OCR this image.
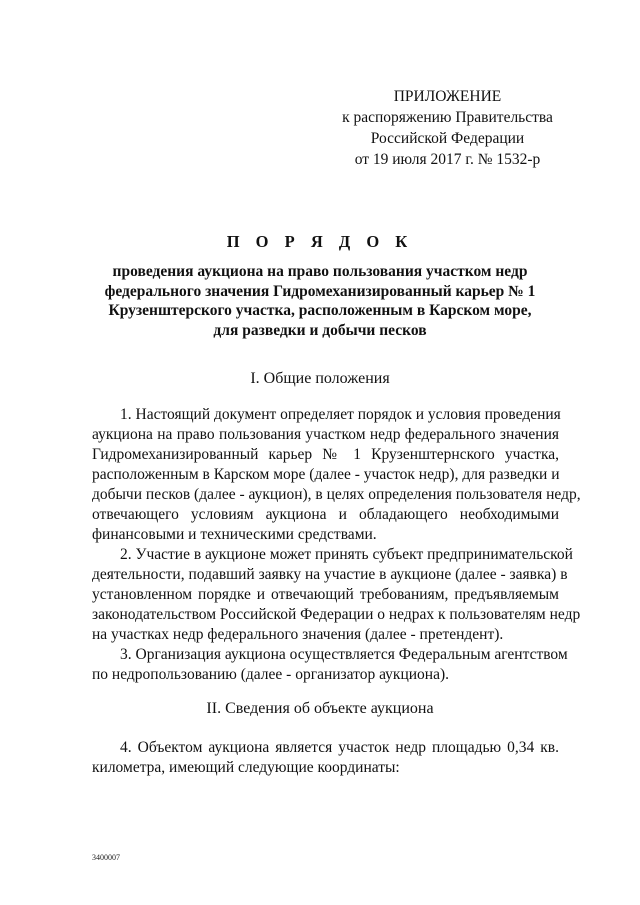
ПРИЛОЖЕНИЕ
к распоряжению Правительства
Российской Федерации
от 19 июля 2017 г. № 1532-р
П О Р Я Д О К
проведения аукциона на право пользования участком недр
федерального значения Гидромеханизированный карьер № 1
Крузенштерского участка, расположенным в Карском море,
для разведки и добычи песков
I. Общие положения
1. Настоящий документ определяет порядок и условия проведения
аукциона на право пользования участком недр федерального значения
Гидромеханизированный карьер № 1 Крузенштернского участка,
расположенным в Карском море (далее - участок недр), для разведки и
добычи песков (далее - аукцион), в целях определения пользователя недр,
отвечающего условиям аукциона и обладающего необходимыми
финансовыми и техническими средствами.
2. Участие в аукционе может принять субъект предпринимательской
деятельности, подавший заявку на участие в аукционе (далее - заявка) в
установленном порядке и отвечающий требованиям, предъявляемым
законодательством Российской Федерации о недрах к пользователям недр
на участках недр федерального значения (далее - претендент).
3. Организация аукциона осуществляется Федеральным агентством
по недропользованию (далее - организатор аукциона).
II. Сведения об объекте аукциона
4. Объектом аукциона является участок недр площадью 0,34 кв.
километра, имеющий следующие координаты:
3400007
